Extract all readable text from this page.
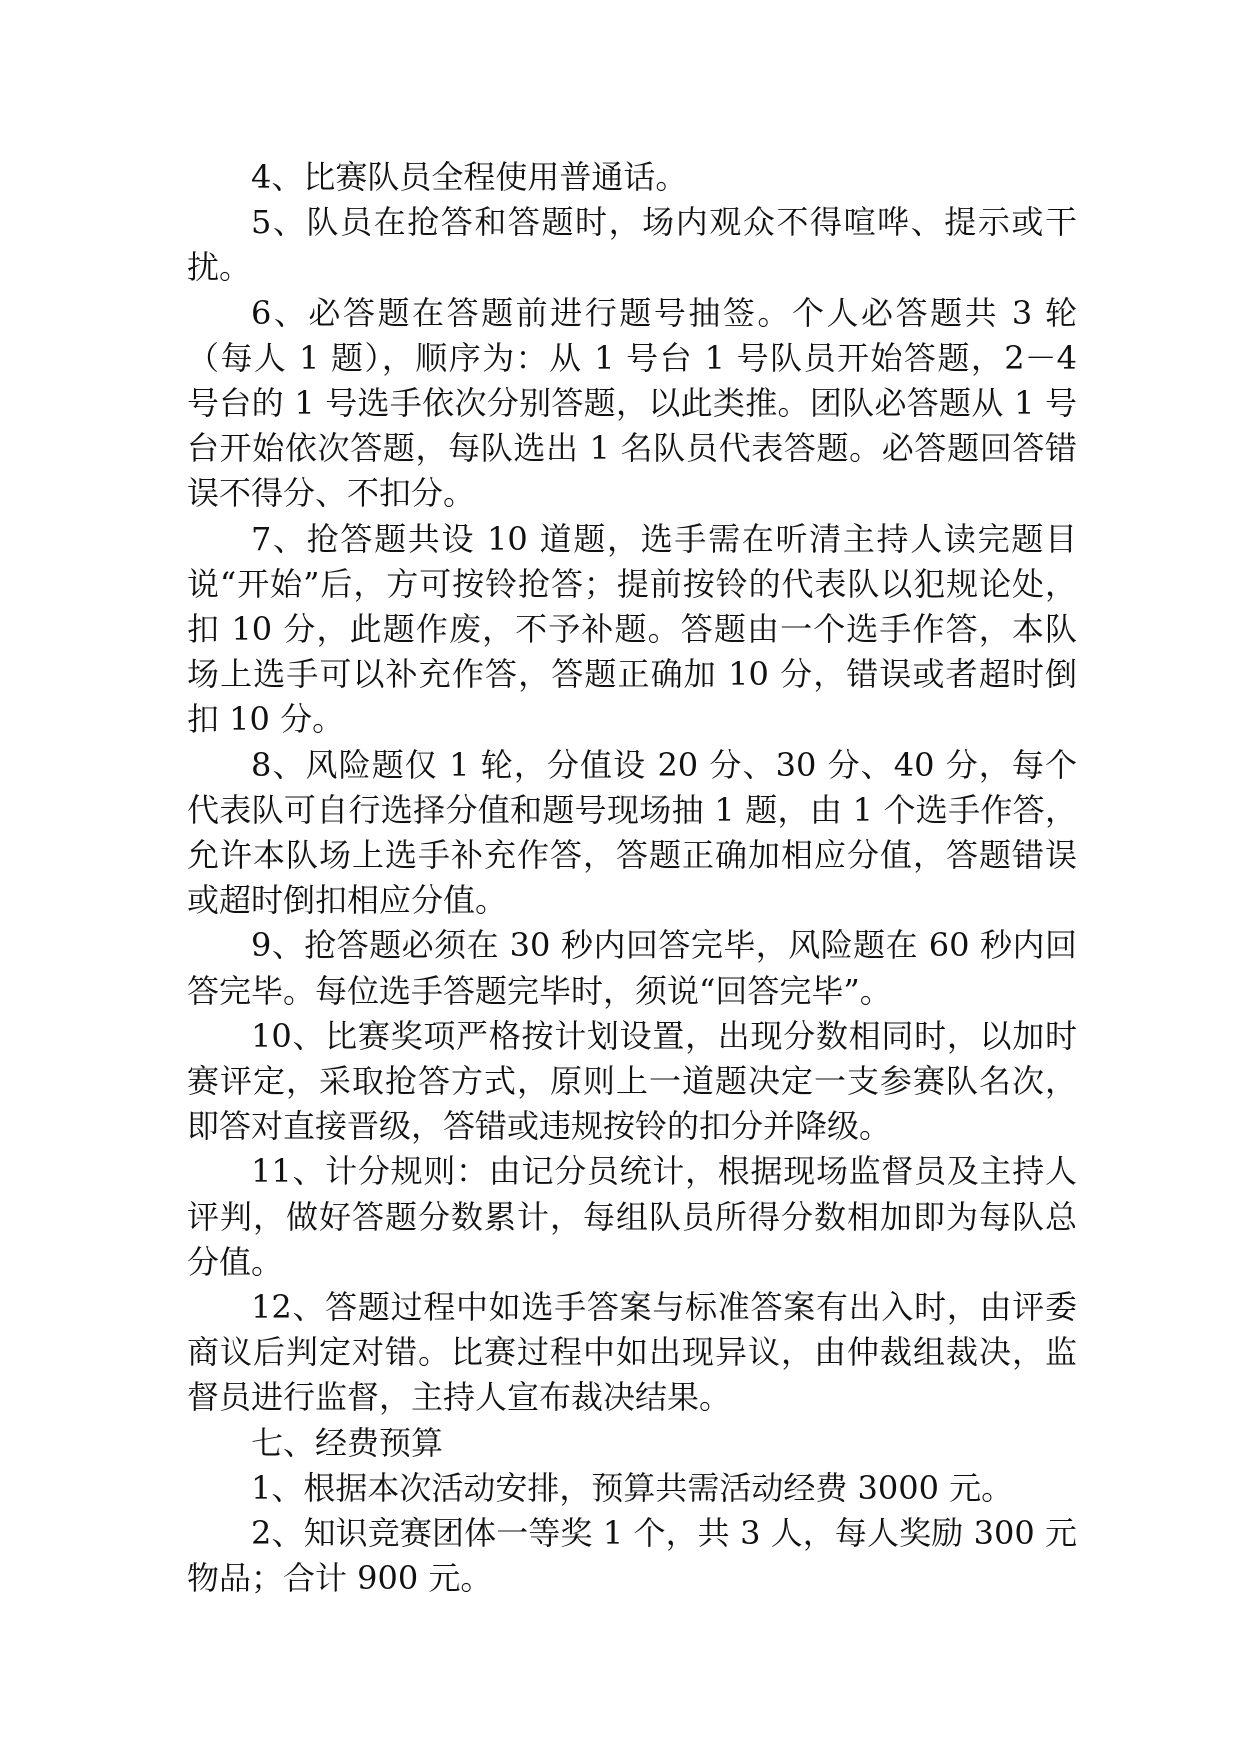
4、比赛队员全程使用普通话。

5、队员在抢答和答题时，场内观众不得喧哗、提示或干扰。

6、必答题在答题前进行题号抽签。个人必答题共 3 轮（每人 1 题），顺序为：从 1 号台 1 号队员开始答题，2－4 号台的 1 号选手依次分别答题，以此类推。团队必答题从 1 号台开始依次答题，每队选出 1 名队员代表答题。必答题回答错误不得分、不扣分。

7、抢答题共设 10 道题，选手需在听清主持人读完题目说“开始”后，方可按铃抢答；提前按铃的代表队以犯规论处，扣 10 分，此题作废，不予补题。答题由一个选手作答，本队场上选手可以补充作答，答题正确加 10 分，错误或者超时倒扣 10 分。

8、风险题仅 1 轮，分值设 20 分、30 分、40 分，每个代表队可自行选择分值和题号现场抽 1 题，由 1 个选手作答，允许本队场上选手补充作答，答题正确加相应分值，答题错误或超时倒扣相应分值。

9、抢答题必须在 30 秒内回答完毕，风险题在 60 秒内回答完毕。每位选手答题完毕时，须说“回答完毕”。

10、比赛奖项严格按计划设置，出现分数相同时，以加时赛评定，采取抢答方式，原则上一道题决定一支参赛队名次，即答对直接晋级，答错或违规按铃的扣分并降级。

11、计分规则：由记分员统计，根据现场监督员及主持人评判，做好答题分数累计，每组队员所得分数相加即为每队总分值。

12、答题过程中如选手答案与标准答案有出入时，由评委商议后判定对错。比赛过程中如出现异议，由仲裁组裁决，监督员进行监督，主持人宣布裁决结果。

七、经费预算

1、根据本次活动安排，预算共需活动经费 3000 元。

2、知识竞赛团体一等奖 1 个，共 3 人，每人奖励 300 元物品；合计 900 元。
